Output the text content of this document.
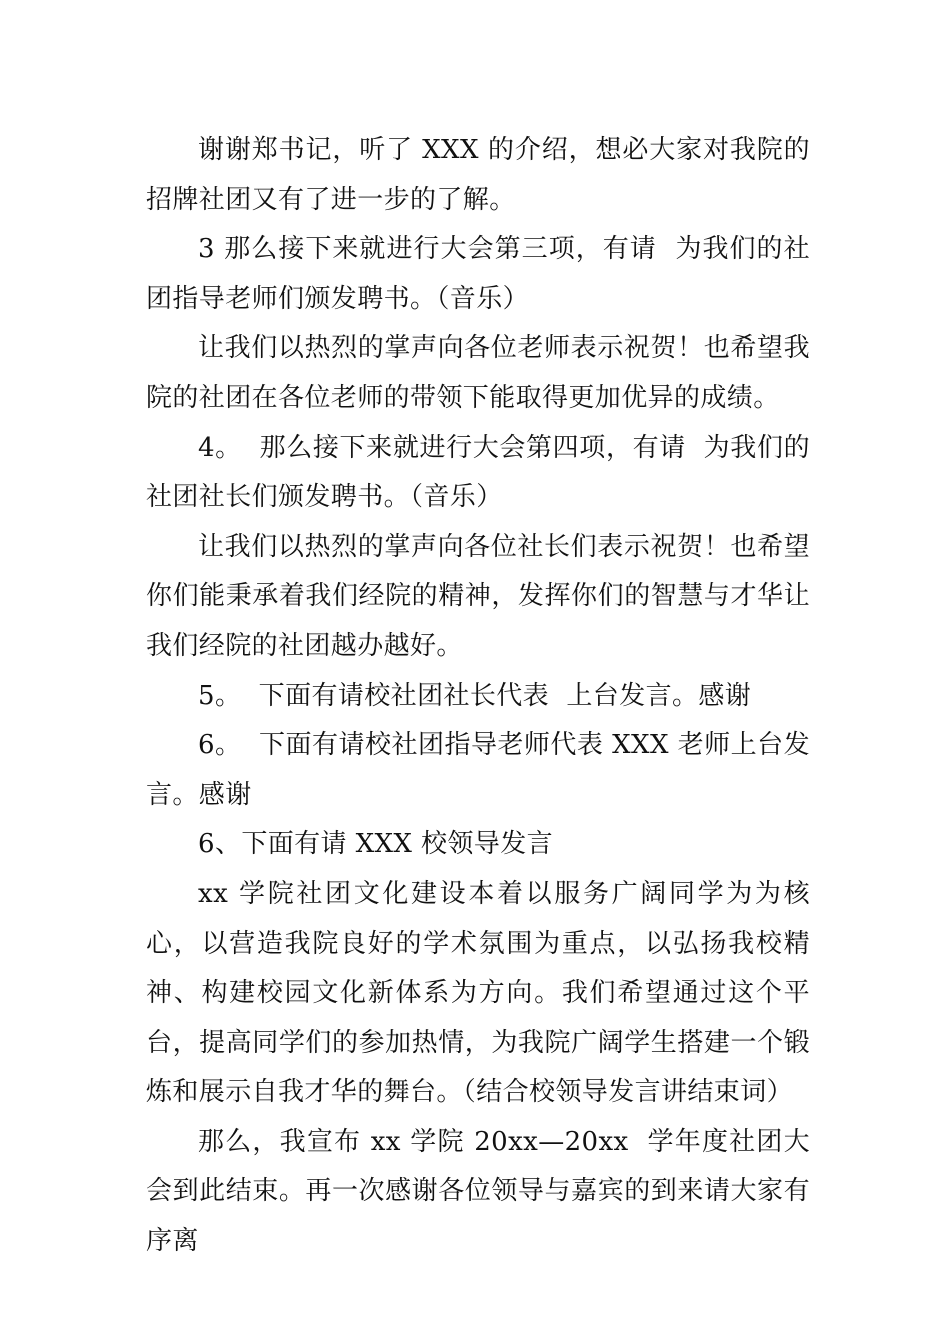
谢谢郑书记，听了 XXX 的介绍，想必大家对我院的招牌社团又有了进一步的了解。

3 那么接下来就进行大会第三项，有请  为我们的社团指导老师们颁发聘书。（音乐）

让我们以热烈的掌声向各位老师表示祝贺！也希望我院的社团在各位老师的带领下能取得更加优异的成绩。

4。  那么接下来就进行大会第四项，有请  为我们的社团社长们颁发聘书。（音乐）

让我们以热烈的掌声向各位社长们表示祝贺！也希望你们能秉承着我们经院的精神，发挥你们的智慧与才华让我们经院的社团越办越好。

5。  下面有请校社团社长代表  上台发言。感谢

6。  下面有请校社团指导老师代表 XXX 老师上台发言。感谢

6、下面有请 XXX 校领导发言

xx 学院社团文化建设本着以服务广阔同学为为核心，以营造我院良好的学术氛围为重点，以弘扬我校精神、构建校园文化新体系为方向。我们希望通过这个平台，提高同学们的参加热情，为我院广阔学生搭建一个锻炼和展示自我才华的舞台。（结合校领导发言讲结束词）

那么，我宣布 xx 学院 20xx—20xx  学年度社团大会到此结束。再一次感谢各位领导与嘉宾的到来请大家有序离
